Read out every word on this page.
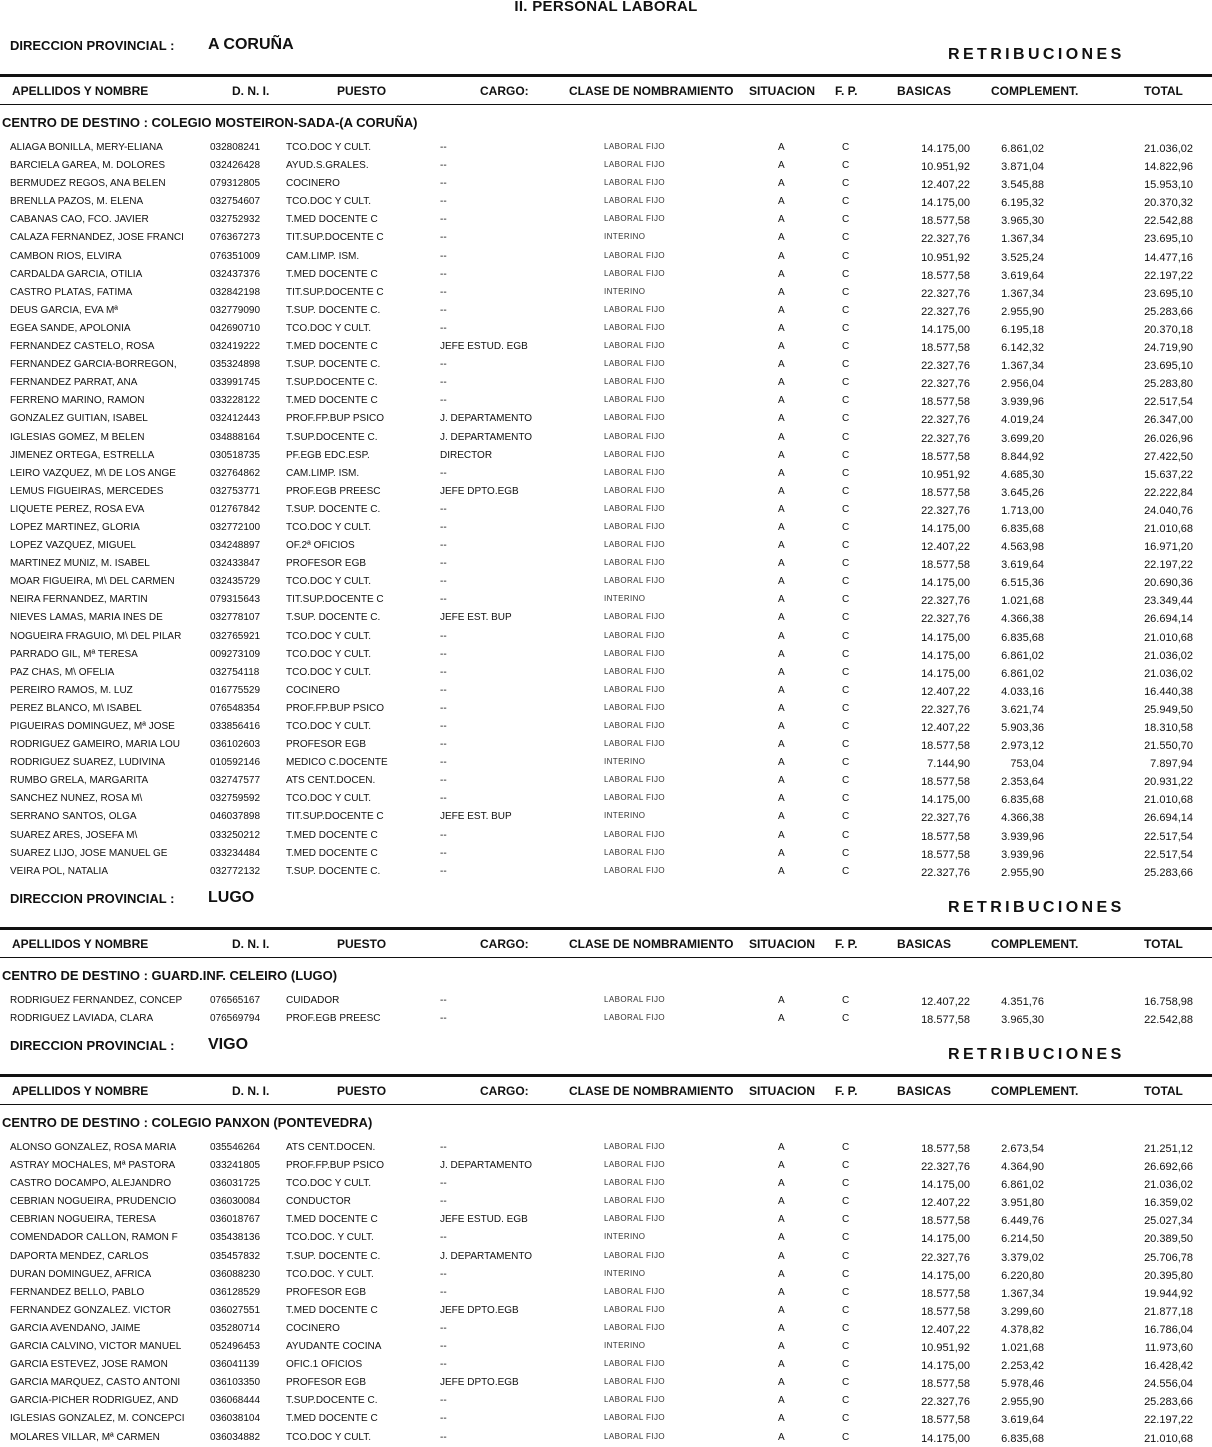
II. PERSONAL LABORAL
DIRECCION PROVINCIAL : A CORUÑA
RETRIBUCIONES
APELLIDOS Y NOMBRE	D. N. I.	PUESTO	CARGO:	CLASE DE NOMBRAMIENTO SITUACION F. P.	BASICAS	COMPLEMENT.	TOTAL
CENTRO DE DESTINO : COLEGIO MOSTEIRON-SADA-(A CORUÑA)
ALIAGA BONILLA, MERY-ELIANA	032808241	TCO.DOC Y CULT.	--	LABORAL FIJO	A	C	14.175,00	6.861,02	21.036,02
BARCIELA GAREA, M. DOLORES	032426428	AYUD.S.GRALES.	--	LABORAL FIJO	A	C	10.951,92	3.871,04	14.822,96
BERMUDEZ REGOS, ANA BELEN	079312805	COCINERO	--	LABORAL FIJO	A	C	12.407,22	3.545,88	15.953,10
BRENLLA PAZOS, M. ELENA	032754607	TCO.DOC Y CULT.	--	LABORAL FIJO	A	C	14.175,00	6.195,32	20.370,32
CABANAS CAO, FCO. JAVIER	032752932	T.MED DOCENTE C	--	LABORAL FIJO	A	C	18.577,58	3.965,30	22.542,88
CALAZA FERNANDEZ, JOSE FRANCI	076367273	TIT.SUP.DOCENTE C	--	INTERINO	A	C	22.327,76	1.367,34	23.695,10
CAMBON RIOS, ELVIRA	076351009	CAM.LIMP. ISM.	--	LABORAL FIJO	A	C	10.951,92	3.525,24	14.477,16
CARDALDA GARCIA, OTILIA	032437376	T.MED DOCENTE C	--	LABORAL FIJO	A	C	18.577,58	3.619,64	22.197,22
CASTRO PLATAS, FATIMA	032842198	TIT.SUP.DOCENTE C	--	INTERINO	A	C	22.327,76	1.367,34	23.695,10
DEUS GARCIA, EVA Mª	032779090	T.SUP. DOCENTE C.	--	LABORAL FIJO	A	C	22.327,76	2.955,90	25.283,66
EGEA SANDE, APOLONIA	042690710	TCO.DOC Y CULT.	--	LABORAL FIJO	A	C	14.175,00	6.195,18	20.370,18
FERNANDEZ CASTELO, ROSA	032419222	T.MED DOCENTE C	JEFE ESTUD. EGB	LABORAL FIJO	A	C	18.577,58	6.142,32	24.719,90
FERNANDEZ GARCIA-BORREGON,	035324898	T.SUP. DOCENTE C.	--	LABORAL FIJO	A	C	22.327,76	1.367,34	23.695,10
FERNANDEZ PARRAT, ANA	033991745	T.SUP.DOCENTE C.	--	LABORAL FIJO	A	C	22.327,76	2.956,04	25.283,80
FERREÑO MARIÑO, RAMON	033228122	T.MED DOCENTE C	--	LABORAL FIJO	A	C	18.577,58	3.939,96	22.517,54
GONZALEZ GUITIAN, ISABEL	032412443	PROF.FP.BUP PSICO	J. DEPARTAMENTO	LABORAL FIJO	A	C	22.327,76	4.019,24	26.347,00
IGLESIAS GOMEZ, M BELEN	034888164	T.SUP.DOCENTE C.	J. DEPARTAMENTO	LABORAL FIJO	A	C	22.327,76	3.699,20	26.026,96
JIMENEZ ORTEGA, ESTRELLA	030518735	PF.EGB EDC.ESP.	DIRECTOR	LABORAL FIJO	A	C	18.577,58	8.844,92	27.422,50
LEIRO VAZQUEZ, M\ DE LOS ANGE	032764862	CAM.LIMP. ISM.	--	LABORAL FIJO	A	C	10.951,92	4.685,30	15.637,22
LEMUS FIGUEIRAS, MERCEDES	032753771	PROF.EGB PREESC	JEFE DPTO.EGB	LABORAL FIJO	A	C	18.577,58	3.645,26	22.222,84
LIQUETE PEREZ, ROSA EVA	012767842	T.SUP. DOCENTE C.	--	LABORAL FIJO	A	C	22.327,76	1.713,00	24.040,76
LOPEZ MARTINEZ, GLORIA	032772100	TCO.DOC Y CULT.	--	LABORAL FIJO	A	C	14.175,00	6.835,68	21.010,68
LOPEZ VAZQUEZ, MIGUEL	034248897	OF.2ª OFICIOS	--	LABORAL FIJO	A	C	12.407,22	4.563,98	16.971,20
MARTINEZ MUÑIZ, M. ISABEL	032433847	PROFESOR EGB	--	LABORAL FIJO	A	C	18.577,58	3.619,64	22.197,22
MOAR FIGUEIRA, M\ DEL CARMEN	032435729	TCO.DOC Y CULT.	--	LABORAL FIJO	A	C	14.175,00	6.515,36	20.690,36
NEIRA FERNANDEZ, MARTIN	079315643	TIT.SUP.DOCENTE C	--	INTERINO	A	C	22.327,76	1.021,68	23.349,44
NIEVES LAMAS, MARIA INES DE	032778107	T.SUP. DOCENTE C.	JEFE EST. BUP	LABORAL FIJO	A	C	22.327,76	4.366,38	26.694,14
NOGUEIRA FRAGUIO, M\ DEL PILAR	032765921	TCO.DOC Y CULT.	--	LABORAL FIJO	A	C	14.175,00	6.835,68	21.010,68
PARRADO GIL, Mª TERESA	009273109	TCO.DOC Y CULT.	--	LABORAL FIJO	A	C	14.175,00	6.861,02	21.036,02
PAZ CHAS, M\ OFELIA	032754118	TCO.DOC Y CULT.	--	LABORAL FIJO	A	C	14.175,00	6.861,02	21.036,02
PEREIRO RAMOS, M. LUZ	016775529	COCINERO	--	LABORAL FIJO	A	C	12.407,22	4.033,16	16.440,38
PEREZ BLANCO, M\ ISABEL	076548354	PROF.FP.BUP PSICO	--	LABORAL FIJO	A	C	22.327,76	3.621,74	25.949,50
PIGUEIRAS DOMINGUEZ, Mª JOSE	033856416	TCO.DOC Y CULT.	--	LABORAL FIJO	A	C	12.407,22	5.903,36	18.310,58
RODRIGUEZ GAMEIRO, MARIA LOU	036102603	PROFESOR EGB	--	LABORAL FIJO	A	C	18.577,58	2.973,12	21.550,70
RODRIGUEZ SUAREZ, LUDIVINA	010592146	MEDICO C.DOCENTE	--	INTERINO	A	C	7.144,90	753,04	7.897,94
RUMBO GRELA, MARGARITA	032747577	ATS CENT.DOCEN.	--	LABORAL FIJO	A	C	18.577,58	2.353,64	20.931,22
SANCHEZ NUÑEZ, ROSA M\	032759592	TCO.DOC Y CULT.	--	LABORAL FIJO	A	C	14.175,00	6.835,68	21.010,68
SERRANO SANTOS, OLGA	046037898	TIT.SUP.DOCENTE C	JEFE EST. BUP	INTERINO	A	C	22.327,76	4.366,38	26.694,14
SUAREZ ARES, JOSEFA M\	033250212	T.MED DOCENTE C	--	LABORAL FIJO	A	C	18.577,58	3.939,96	22.517,54
SUAREZ LIJO, JOSE MANUEL GE	033234484	T.MED DOCENTE C	--	LABORAL FIJO	A	C	18.577,58	3.939,96	22.517,54
VEIRA POL, NATALIA	032772132	T.SUP. DOCENTE C.	--	LABORAL FIJO	A	C	22.327,76	2.955,90	25.283,66
DIRECCION PROVINCIAL : LUGO
RETRIBUCIONES
APELLIDOS Y NOMBRE	D. N. I.	PUESTO	CARGO:	CLASE DE NOMBRAMIENTO SITUACION F. P.	BASICAS	COMPLEMENT.	TOTAL
CENTRO DE DESTINO : GUARD.INF. CELEIRO (LUGO)
RODRIGUEZ FERNANDEZ, CONCEP	076565167	CUIDADOR	--	LABORAL FIJO	A	C	12.407,22	4.351,76	16.758,98
RODRIGUEZ LAVIADA, CLARA	076569794	PROF.EGB PREESC	--	LABORAL FIJO	A	C	18.577,58	3.965,30	22.542,88
DIRECCION PROVINCIAL : VIGO
RETRIBUCIONES
APELLIDOS Y NOMBRE	D. N. I.	PUESTO	CARGO:	CLASE DE NOMBRAMIENTO SITUACION F. P.	BASICAS	COMPLEMENT.	TOTAL
CENTRO DE DESTINO : COLEGIO PANXON (PONTEVEDRA)
ALONSO GONZALEZ, ROSA MARIA	035546264	ATS CENT.DOCEN.	--	LABORAL FIJO	A	C	18.577,58	2.673,54	21.251,12
ASTRAY MOCHALES, Mª PASTORA	033241805	PROF.FP.BUP PSICO	J. DEPARTAMENTO	LABORAL FIJO	A	C	22.327,76	4.364,90	26.692,66
CASTRO DOCAMPO, ALEJANDRO	036031725	TCO.DOC Y CULT.	--	LABORAL FIJO	A	C	14.175,00	6.861,02	21.036,02
CEBRIAN NOGUEIRA, PRUDENCIO	036030084	CONDUCTOR	--	LABORAL FIJO	A	C	12.407,22	3.951,80	16.359,02
CEBRIAN NOGUEIRA, TERESA	036018767	T.MED DOCENTE C	JEFE ESTUD. EGB	LABORAL FIJO	A	C	18.577,58	6.449,76	25.027,34
COMENDADOR CALLON, RAMON F	035438136	TCO.DOC. Y CULT.	--	INTERINO	A	C	14.175,00	6.214,50	20.389,50
DAPORTA MENDEZ, CARLOS	035457832	T.SUP. DOCENTE C.	J. DEPARTAMENTO	LABORAL FIJO	A	C	22.327,76	3.379,02	25.706,78
DURAN DOMINGUEZ, AFRICA	036088230	TCO.DOC. Y CULT.	--	INTERINO	A	C	14.175,00	6.220,80	20.395,80
FERNANDEZ BELLO, PABLO	036128529	PROFESOR EGB	--	LABORAL FIJO	A	C	18.577,58	1.367,34	19.944,92
FERNANDEZ GONZALEZ. VICTOR	036027551	T.MED DOCENTE C	JEFE DPTO.EGB	LABORAL FIJO	A	C	18.577,58	3.299,60	21.877,18
GARCIA AVENDAÑO, JAIME	035280714	COCINERO	--	LABORAL FIJO	A	C	12.407,22	4.378,82	16.786,04
GARCIA CALVIÑO, VICTOR MANUEL	052496453	AYUDANTE COCINA	--	INTERINO	A	C	10.951,92	1.021,68	11.973,60
GARCIA ESTEVEZ, JOSE RAMON	036041139	OFIC.1 OFICIOS	--	LABORAL FIJO	A	C	14.175,00	2.253,42	16.428,42
GARCIA MARQUEZ, CASTO ANTONI	036103350	PROFESOR EGB	JEFE DPTO.EGB	LABORAL FIJO	A	C	18.577,58	5.978,46	24.556,04
GARCIA-PICHER RODRIGUEZ, AND	036068444	T.SUP.DOCENTE C.	--	LABORAL FIJO	A	C	22.327,76	2.955,90	25.283,66
IGLESIAS GONZALEZ, M. CONCEPCI	036038104	T.MED DOCENTE C	--	LABORAL FIJO	A	C	18.577,58	3.619,64	22.197,22
MOLARES VILLAR, Mª CARMEN	036034882	TCO.DOC Y CULT.	--	LABORAL FIJO	A	C	14.175,00	6.835,68	21.010,68
